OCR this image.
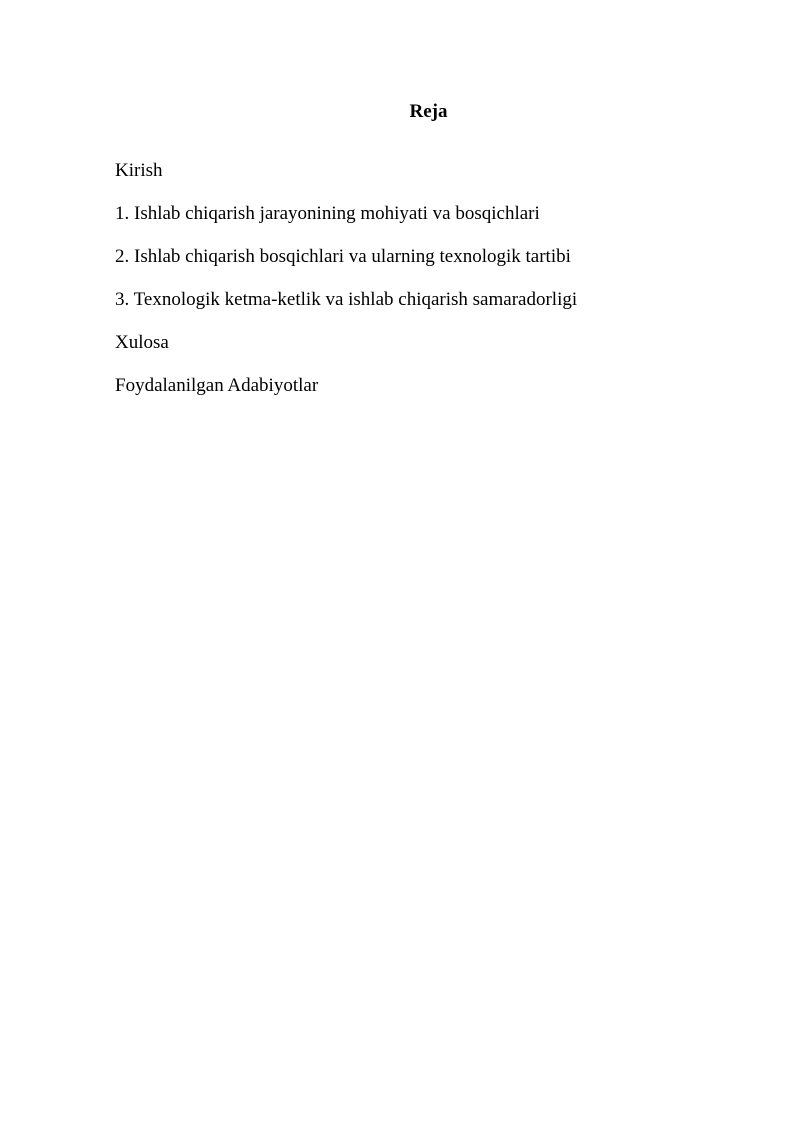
Reja
Kirish
1. Ishlab chiqarish jarayonining mohiyati va bosqichlari
2. Ishlab chiqarish bosqichlari va ularning texnologik tartibi
3. Texnologik ketma-ketlik va ishlab chiqarish samaradorligi
Xulosa
Foydalanilgan Adabiyotlar
